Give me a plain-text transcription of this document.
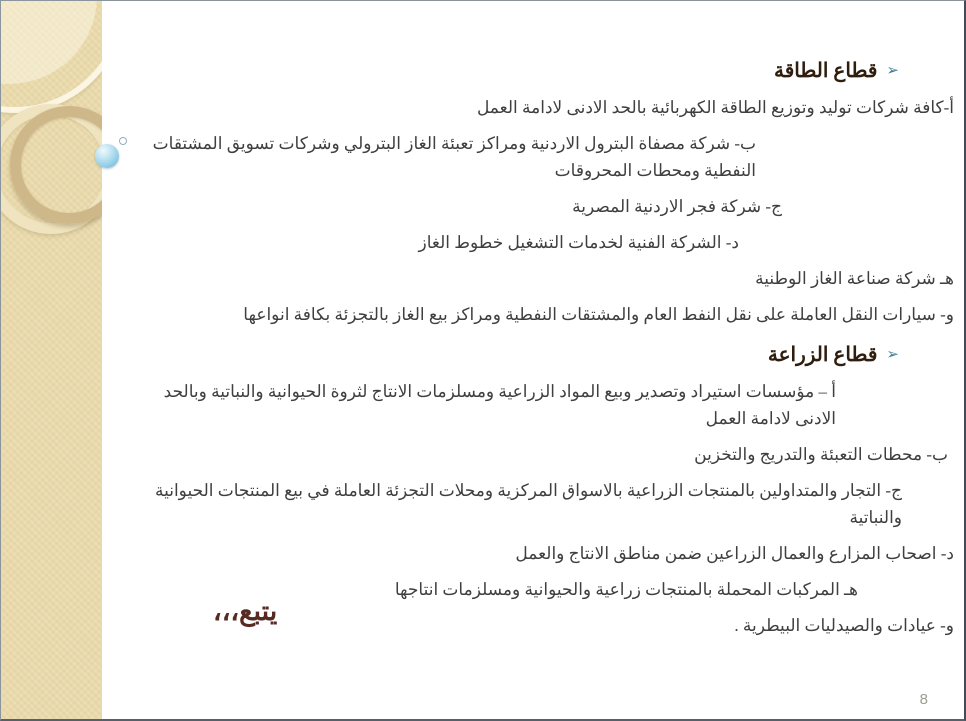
➢قطاع الطاقة
أ-كافة شركات توليد وتوزيع الطاقة الكهربائية بالحد الادنى لادامة العمل
ب- شركة مصفاة البترول الاردنية ومراكز تعبئة الغاز البترولي وشركات تسويق المشتقات النفطية ومحطات المحروقات
ج- شركة فجر الاردنية المصرية
د- الشركة الفنية لخدمات التشغيل خطوط الغاز
هـ شركة صناعة الغاز الوطنية
و- سيارات النقل العاملة على نقل النفط العام والمشتقات النفطية ومراكز بيع الغاز بالتجزئة بكافة انواعها
➢قطاع الزراعة
أ – مؤسسات استيراد وتصدير وبيع المواد الزراعية ومسلزمات الانتاج لثروة الحيوانية والنباتية وبالحد الادنى لادامة العمل
ب- محطات التعبئة والتدريج والتخزين
ج- التجار والمتداولين بالمنتجات الزراعية بالاسواق المركزية ومحلات التجزئة العاملة في بيع المنتجات الحيوانية والنباتية
د- اصحاب المزارع والعمال الزراعين ضمن مناطق الانتاج والعمل
هـ المركبات المحملة بالمنتجات زراعية والحيوانية ومسلزمات انتاجها
و- عيادات والصيدليات البيطرية .
يتبع،،،
8
